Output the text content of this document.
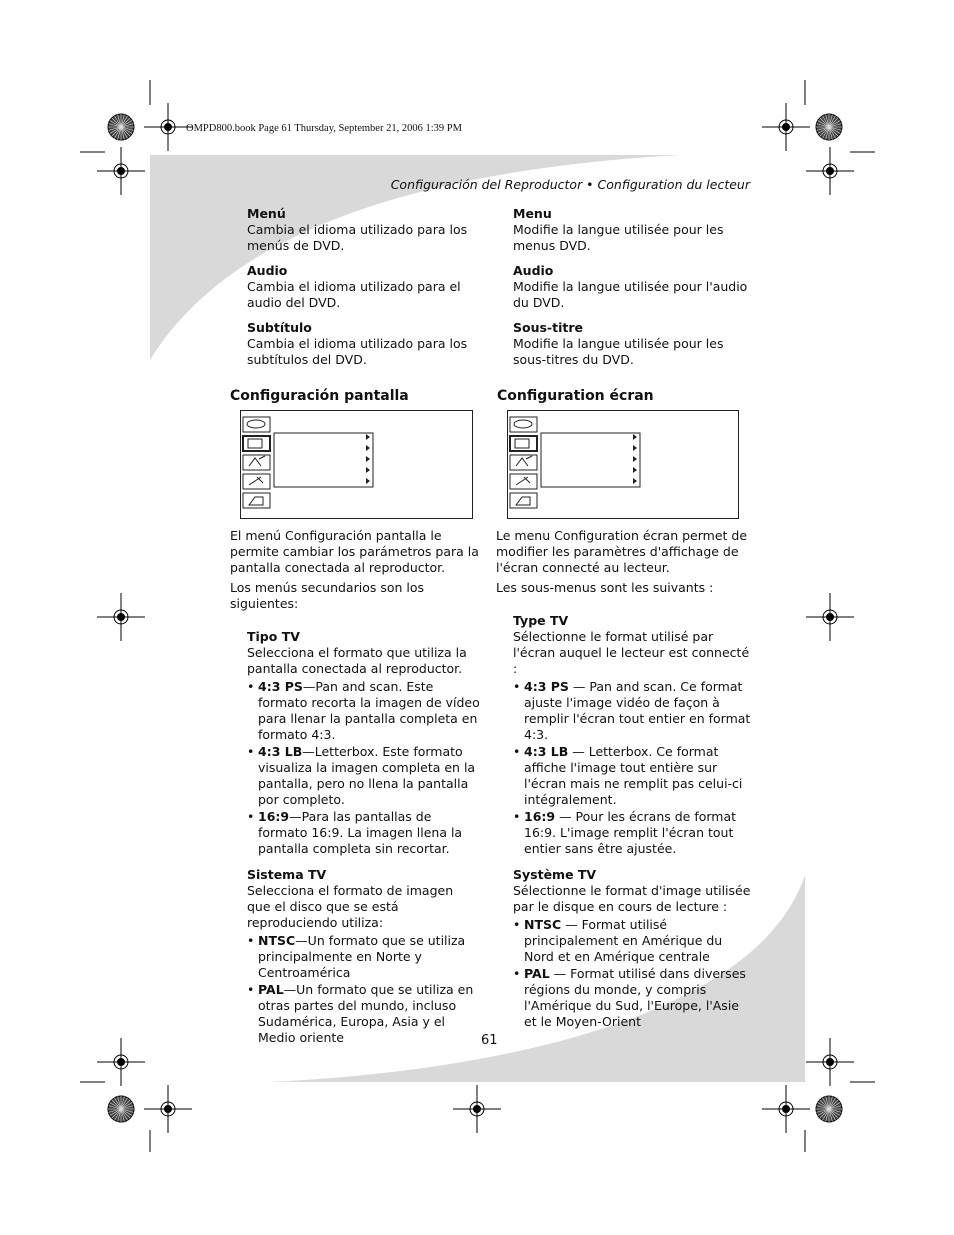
OMPD800.book Page 61 Thursday, September 21, 2006 1:39 PM
Configuración del Reproductor • Configuration du lecteur
Menú
Cambia el idioma utilizado para los menús de DVD.
Audio
Cambia el idioma utilizado para el audio del DVD.
Subtítulo
Cambia el idioma utilizado para los subtítulos del DVD.
Menu
Modifie la langue utilisée pour les menus DVD.
Audio
Modifie la langue utilisée pour l'audio du DVD.
Sous-titre
Modifie la langue utilisée pour les sous-titres du DVD.
Configuración pantalla	Configuration écran

El menú Configuración pantalla le permite cambiar los parámetros para la pantalla conectada al reproductor.

Los menús secundarios son los siguientes:

Tipo TV
Selecciona el formato que utiliza la pantalla conectada al reproductor.
• 4:3 PS—Pan and scan. Este formato recorta la imagen de vídeo para llenar la pantalla completa en formato 4:3.
• 4:3 LB—Letterbox. Este formato visualiza la imagen completa en la pantalla, pero no llena la pantalla por completo.
• 16:9—Para las pantallas de formato 16:9. La imagen llena la pantalla completa sin recortar.
Sistema TV
Selecciona el formato de imagen que el disco que se está reproduciendo utiliza:
• NTSC—Un formato que se utiliza principalmente en Norte y Centroamérica
• PAL—Un formato que se utiliza en otras partes del mundo, incluso Sudamérica, Europa, Asia y el Medio oriente

Le menu Configuration écran permet de modifier les paramètres d'affichage de l'écran connecté au lecteur.

Les sous-menus sont les suivants :

Type TV
Sélectionne le format utilisé par l'écran auquel le lecteur est connecté :
• 4:3 PS — Pan and scan. Ce format ajuste l'image vidéo de façon à remplir l'écran tout entier en format 4:3.
• 4:3 LB — Letterbox. Ce format affiche l'image tout entière sur l'écran mais ne remplit pas celui-ci intégralement.
• 16:9 — Pour les écrans de format 16:9. L'image remplit l'écran tout entier sans être ajustée.
Système TV
Sélectionne le format d'image utilisée par le disque en cours de lecture :
• NTSC — Format utilisé principalement en Amérique du Nord et en Amérique centrale
• PAL — Format utilisé dans diverses régions du monde, y compris l'Amérique du Sud, l'Europe, l'Asie et le Moyen-Orient
61
